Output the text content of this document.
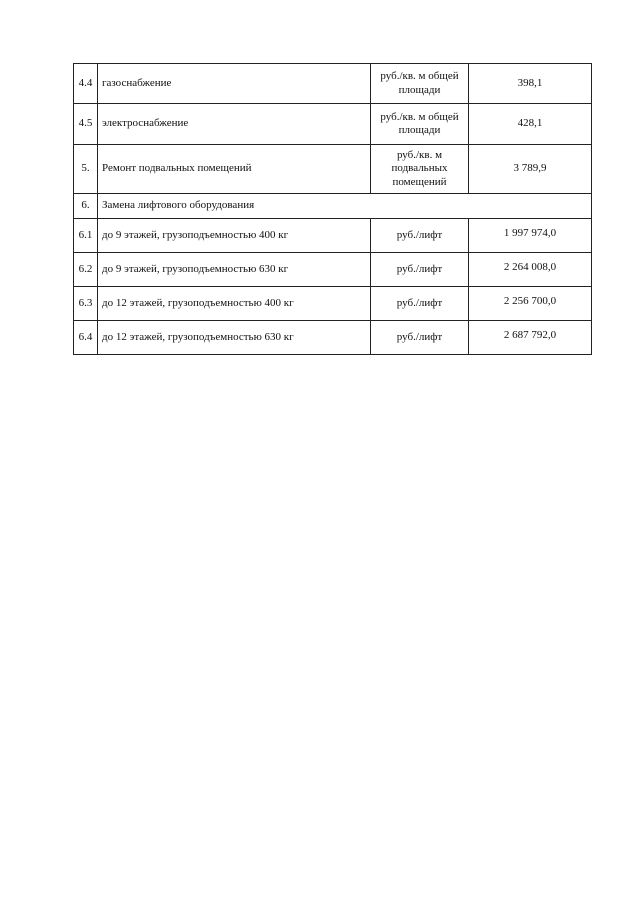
4.4	газоснабжение	руб./кв. м общей площади	398,1
4.5	электроснабжение	руб./кв. м общей площади	428,1
5.	Ремонт подвальных помещений	руб./кв. м подвальных помещений	3 789,9
6.	Замена лифтового оборудования		
6.1	до 9 этажей, грузоподъемностью 400 кг	руб./лифт	1 997 974,0
6.2	до 9 этажей, грузоподъемностью 630 кг	руб./лифт	2 264 008,0
6.3	до 12 этажей, грузоподъемностью 400 кг	руб./лифт	2 256 700,0
6.4	до 12 этажей, грузоподъемностью 630 кг	руб./лифт	2 687 792,0
